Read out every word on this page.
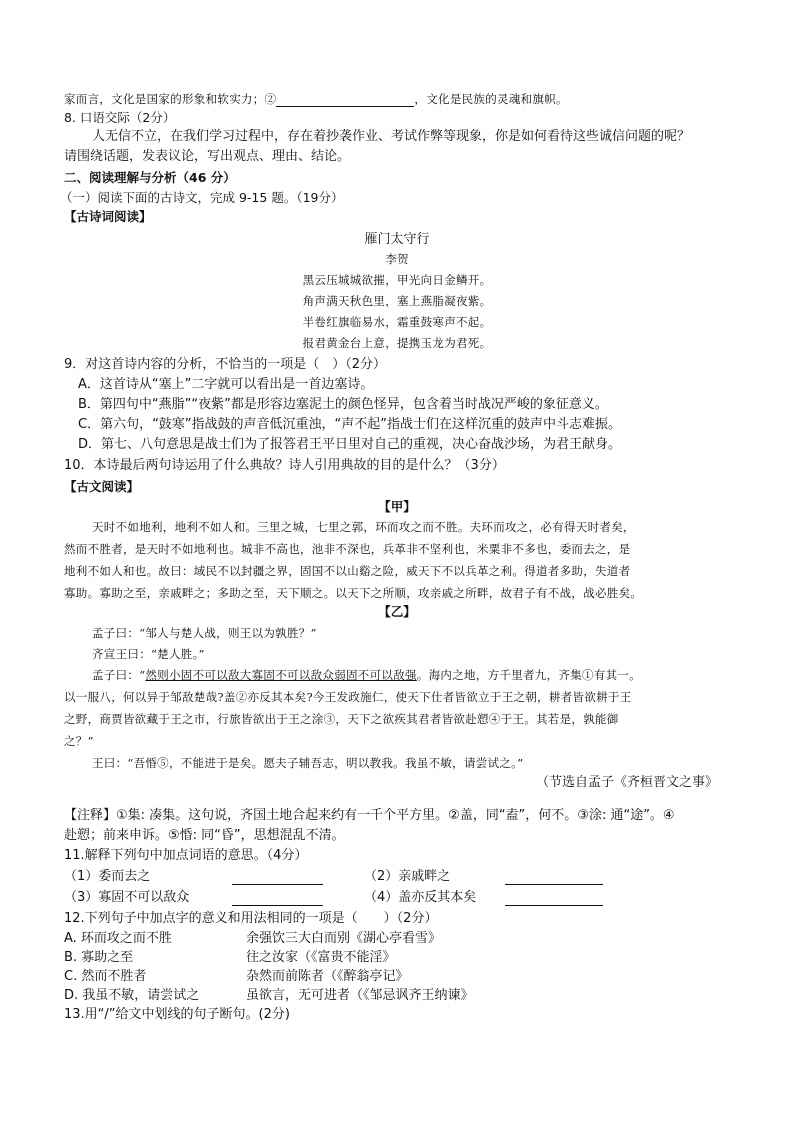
家而言，文化是国家的形象和软实力；②	，文化是民族的灵魂和旗帜。
8. 口语交际（2分）
人无信不立，在我们学习过程中，存在着抄袭作业、考试作弊等现象，你是如何看待这些诚信问题的呢？
请围绕话题，发表议论，写出观点、理由、结论。
二、阅读理解与分析（46 分）
（一）阅读下面的古诗文，完成 9-15 题。（19分）
【古诗词阅读】
雁门太守行
李贺
黑云压城城欲摧，甲光向日金鳞开。
角声满天秋色里，塞上燕脂凝夜紫。
半卷红旗临易水，霜重鼓寒声不起。
报君黄金台上意，提携玉龙为君死。
9．对这首诗内容的分析，不恰当的一项是（　）（2分）
A．这首诗从“塞上”二字就可以看出是一首边塞诗。
B．第四句中“燕脂”“夜紫”都是形容边塞泥土的颜色怪异，包含着当时战况严峻的象征意义。
C．第六句，“鼓寒”指战鼓的声音低沉重浊，“声不起”指战士们在这样沉重的鼓声中斗志难振。
D．第七、八句意思是战士们为了报答君王平日里对自己的重视，决心奋战沙场，为君王献身。
10．本诗最后两句诗运用了什么典故？诗人引用典故的目的是什么？（3分）
【古文阅读】
【甲】
天时不如地利，地利不如人和。三里之城，七里之郭，环而攻之而不胜。夫环而攻之，必有得天时者矣，
然而不胜者，是天时不如地利也。城非不高也，池非不深也，兵革非不坚利也，米粟非不多也，委而去之，是
地利不如人和也。故曰：域民不以封疆之界，固国不以山谿之险，威天下不以兵革之利。得道者多助，失道者
寡助。寡助之至，亲戚畔之；多助之至，天下顺之。以天下之所顺，攻亲戚之所畔，故君子有不战，战必胜矣。
【乙】
孟子曰：“邹人与楚人战，则王以为孰胜？”
齐宣王曰：“楚人胜。”
孟子曰：“然则小固不可以敌大寡固不可以敌众弱固不可以敌强。海内之地，方千里者九，齐集①有其一。
以一服八，何以异于邹敌楚哉?盖②亦反其本矣?今王发政施仁，使天下仕者皆欲立于王之朝，耕者皆欲耕于王
之野，商贾皆欲藏于王之市，行旅皆欲出于王之涂③，天下之欲疾其君者皆欲赴愬④于王。其若是，孰能御
之？”
王曰：“吾惛⑤，不能进于是矣。愿夫子辅吾志，明以教我。我虽不敏，请尝试之。”
（节选自孟子《齐桓晋文之事》
【注释】①集: 凑集。这句说，齐国土地合起来约有一千个平方里。②盖，同“盍”，何不。③涂: 通“途”。④
赴愬；前来申诉。⑤惛: 同“昏”，思想混乱不清。
11.解释下列句中加点词语的意思。（4分）
（1）委而去之	（2）亲戚畔之
（3）寡固不可以敌众	（4）盖亦反其本矣
12.下列句子中加点字的意义和用法相同的一项是（　　）（2分）
A. 环而攻之而不胜	余强饮三大白而别《湖心亭看雪》
B. 寡助之至	往之汝家（《富贵不能淫》
C. 然而不胜者	杂然而前陈者（《醉翁亭记》
D. 我虽不敏，请尝试之	虽欲言，无可进者（《邹忌讽齐王纳谏》
13.用“/”给文中划线的句子断句。(2分)
